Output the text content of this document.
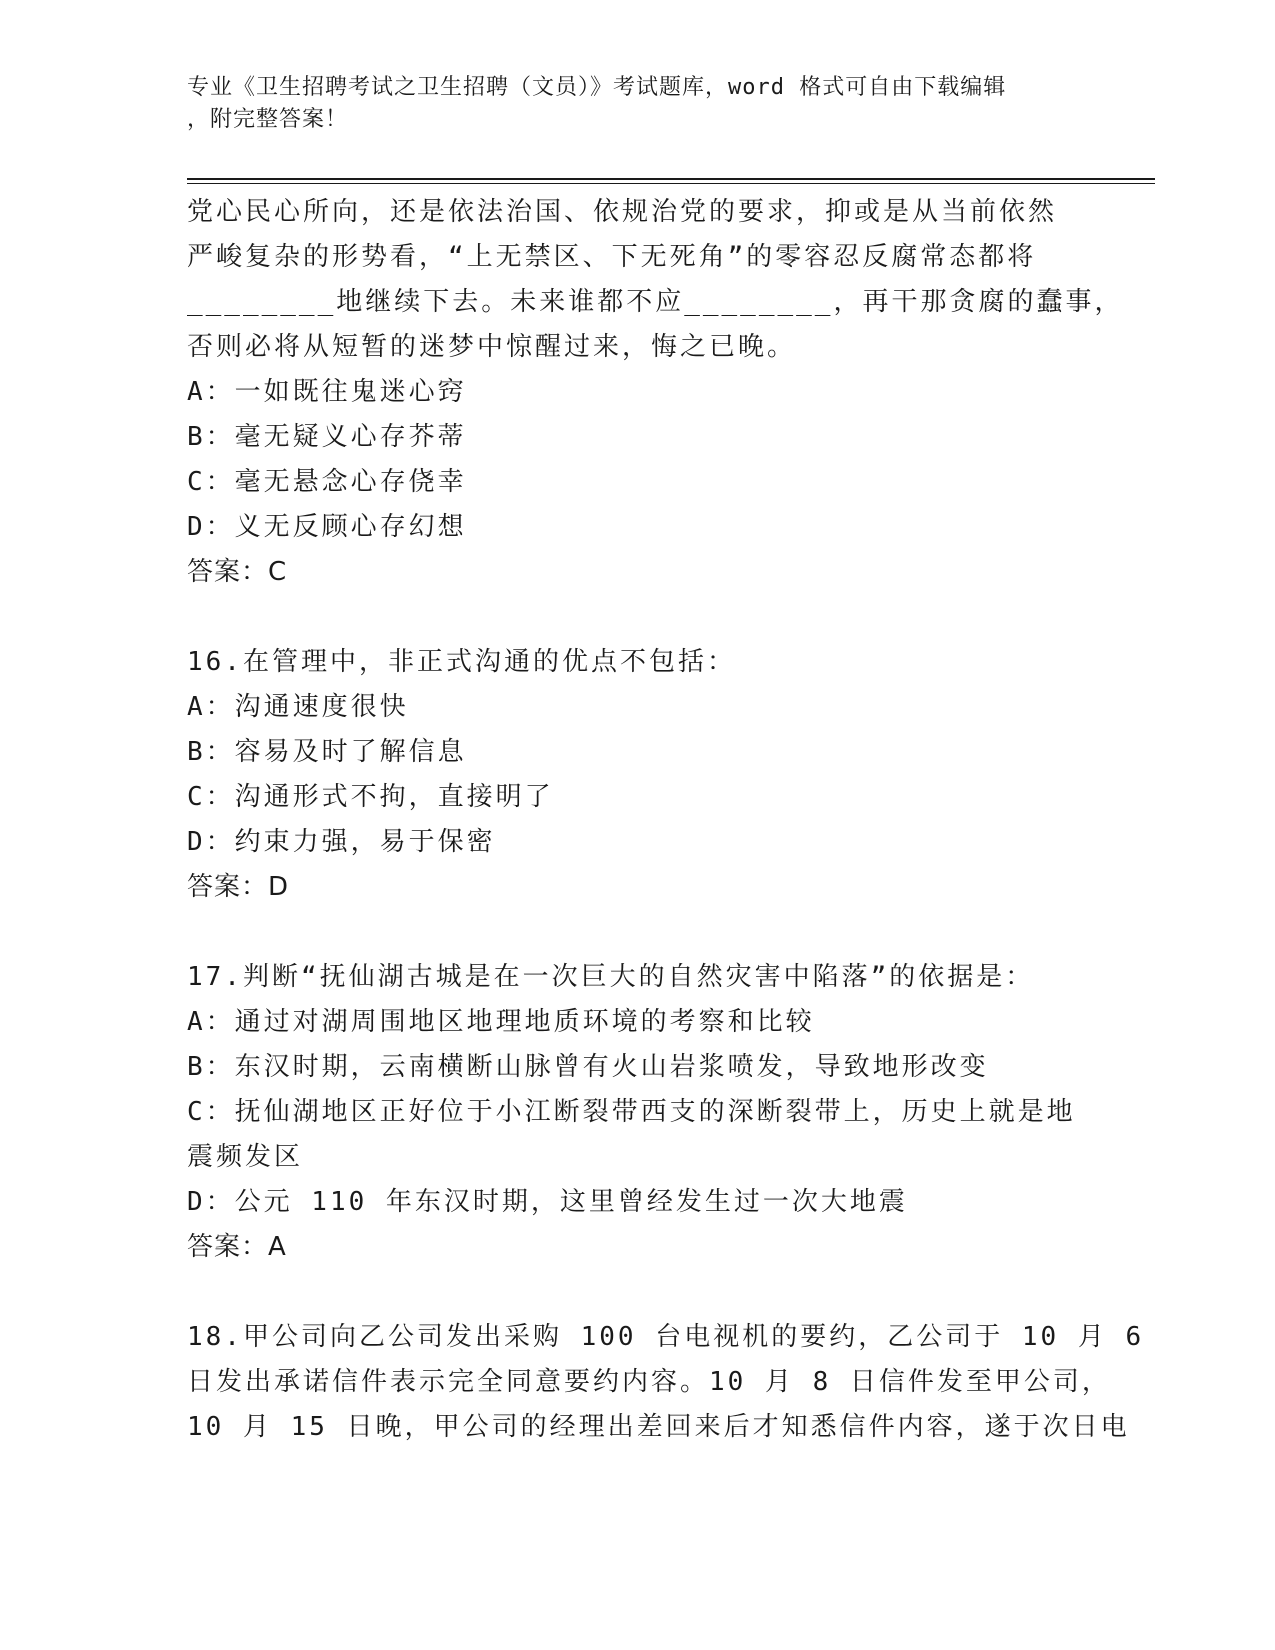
专业《卫生招聘考试之卫生招聘（文员）》考试题库，word 格式可自由下载编辑
，附完整答案！
党心民心所向，还是依法治国、依规治党的要求，抑或是从当前依然
严峻复杂的形势看，“上无禁区、下无死角”的零容忍反腐常态都将
________地继续下去。未来谁都不应________，再干那贪腐的蠢事，
否则必将从短暂的迷梦中惊醒过来，悔之已晚。
A：一如既往鬼迷心窍
B：毫无疑义心存芥蒂
C：毫无悬念心存侥幸
D：义无反顾心存幻想
答案：C
16.在管理中，非正式沟通的优点不包括：
A：沟通速度很快
B：容易及时了解信息
C：沟通形式不拘，直接明了
D：约束力强，易于保密
答案：D
17.判断“抚仙湖古城是在一次巨大的自然灾害中陷落”的依据是：
A：通过对湖周围地区地理地质环境的考察和比较
B：东汉时期，云南横断山脉曾有火山岩浆喷发，导致地形改变
C：抚仙湖地区正好位于小江断裂带西支的深断裂带上，历史上就是地
震频发区
D：公元 110 年东汉时期，这里曾经发生过一次大地震
答案：A
18.甲公司向乙公司发出采购 100 台电视机的要约，乙公司于 10 月 6
日发出承诺信件表示完全同意要约内容。10 月 8 日信件发至甲公司，
10 月 15 日晚，甲公司的经理出差回来后才知悉信件内容，遂于次日电
